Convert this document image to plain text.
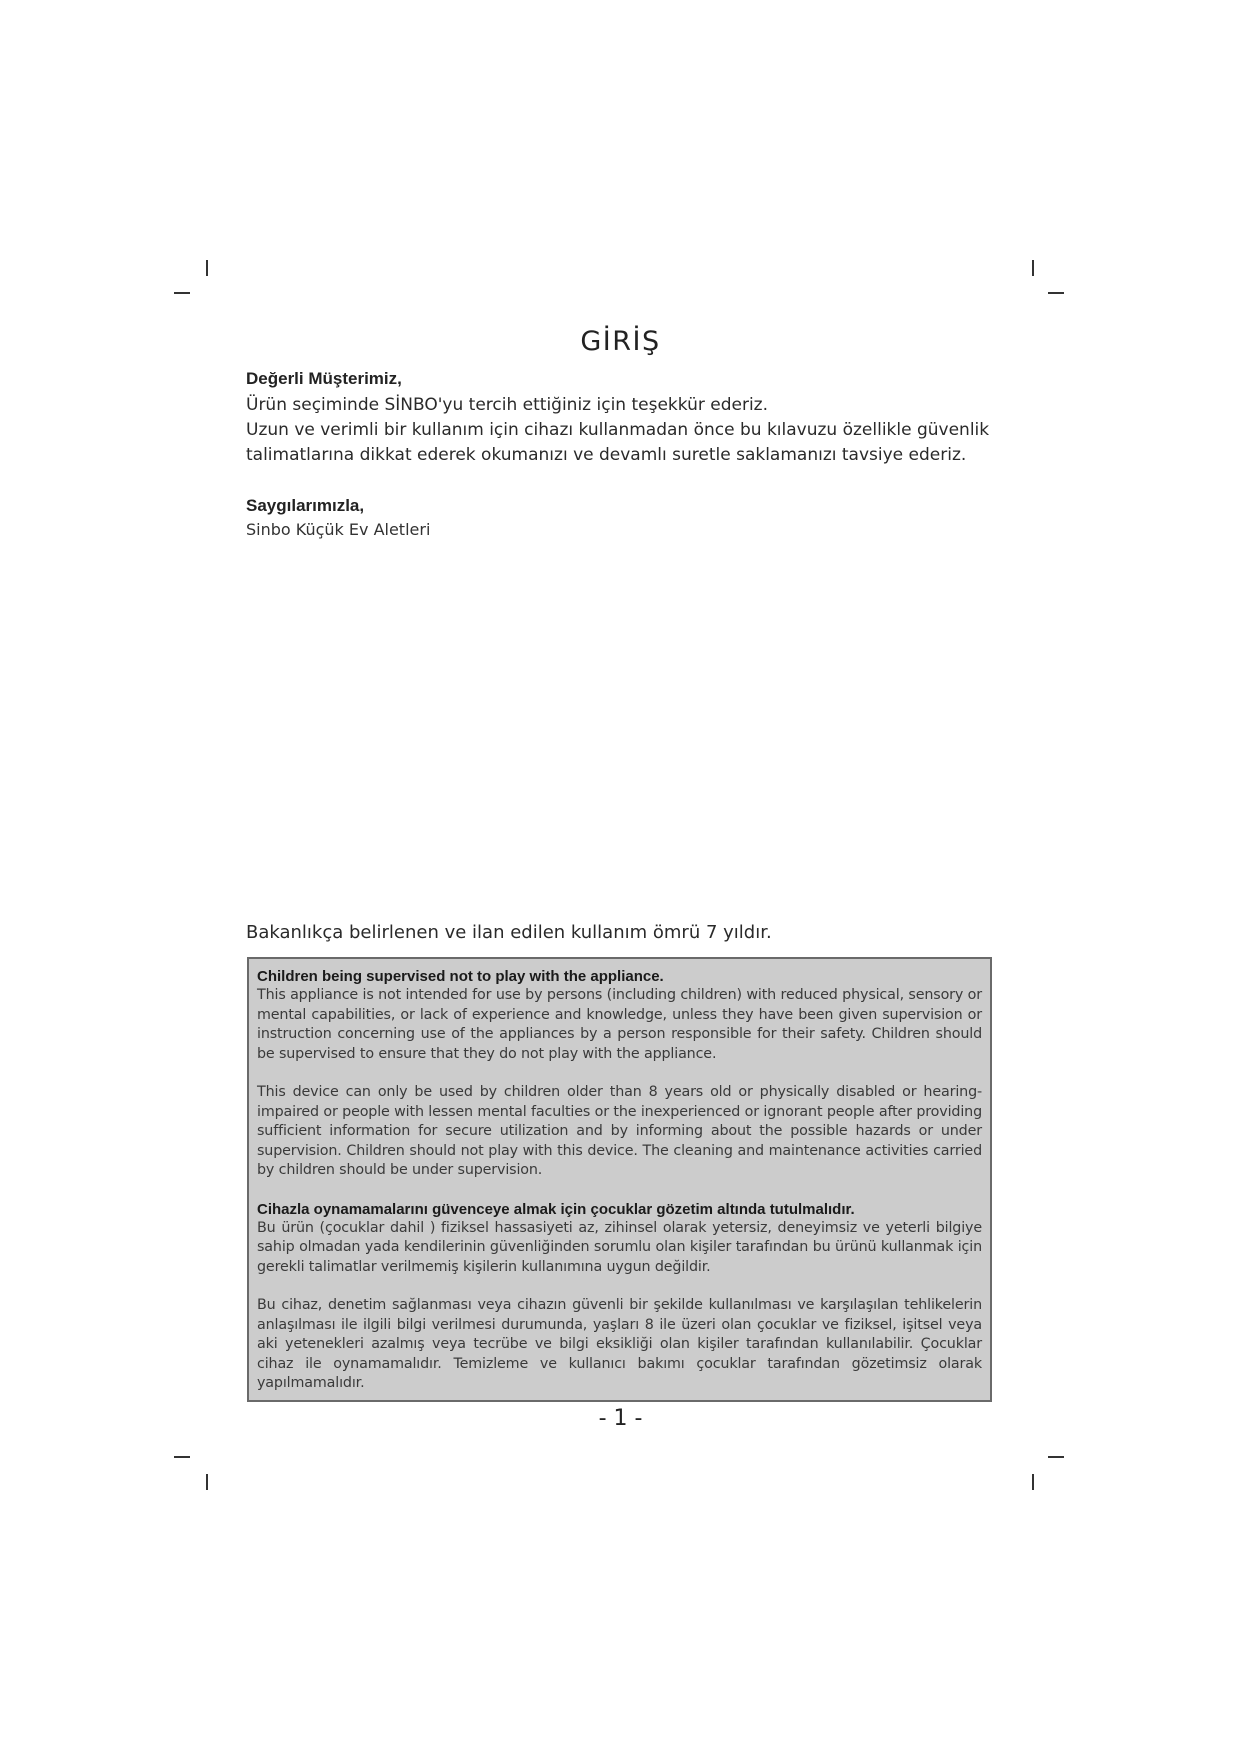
GİRİŞ
Değerli Müşterimiz,

Ürün seçiminde SİNBO'yu tercih ettiğiniz için teşekkür ederiz.

Uzun ve verimli bir kullanım için cihazı kullanmadan önce bu kılavuzu özellikle güvenlik talimatlarına dikkat ederek okumanızı ve devamlı suretle saklamanızı tavsiye ederiz.

Saygılarımızla,
Sinbo Küçük Ev Aletleri
Bakanlıkça belirlenen ve ilan edilen kullanım ömrü 7 yıldır.
Children being supervised not to play with the appliance.

This appliance is not intended for use by persons (including children) with reduced physical, sensory or mental capabilities, or lack of experience and knowledge, unless they have been given supervision or instruction concerning use of the appliances by a person responsible for their safety. Children should be supervised to ensure that they do not play with the appliance.

This device can only be used by children older than 8 years old or physically disabled or hearing-impaired or people with lessen mental faculties or the inexperienced or ignorant people after providing sufficient information for secure utilization and by informing about the possible hazards or under supervision. Children should not play with this device. The cleaning and maintenance activities carried by children should be under supervision.

Cihazla oynamamalarını güvenceye almak için çocuklar gözetim altında tutulmalıdır.

Bu ürün (çocuklar dahil ) fiziksel hassasiyeti az, zihinsel olarak yetersiz, deneyimsiz ve yeterli bilgiye sahip olmadan yada kendilerinin güvenliğinden sorumlu olan kişiler tarafından bu ürünü kullanmak için gerekli talimatlar verilmemiş kişilerin kullanımına uygun değildir.

Bu cihaz, denetim sağlanması veya cihazın güvenli bir şekilde kullanılması ve karşılaşılan tehlikelerin anlaşılması ile ilgili bilgi verilmesi durumunda, yaşları 8 ile üzeri olan çocuklar ve fiziksel, işitsel veya aki yetenekleri azalmış veya tecrübe ve bilgi eksikliği olan kişiler tarafından kullanılabilir. Çocuklar cihaz ile oynamamalıdır. Temizleme ve kullanıcı bakımı çocuklar tarafından gözetimsiz olarak yapılmamalıdır.

- 1 -
